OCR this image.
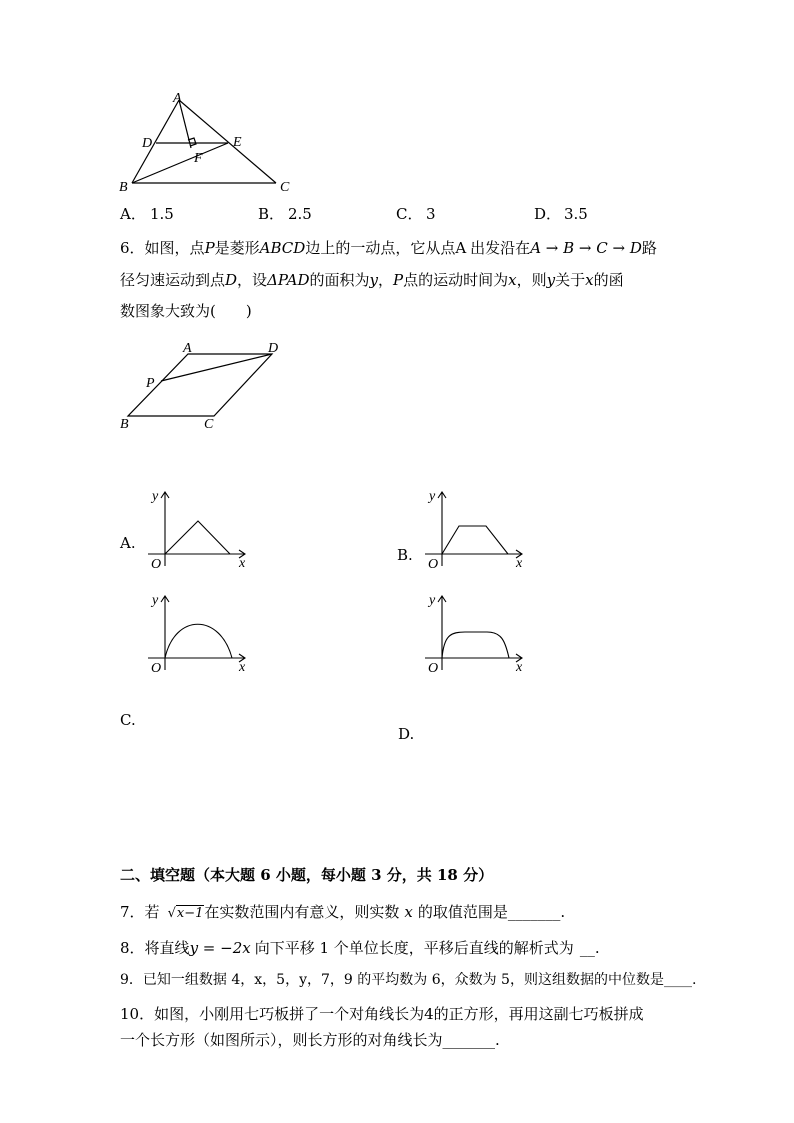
A
D	E
F
B	C
A． 1.5	B． 2.5	C． 3	D． 3.5
6．如图，点P是菱形ABCD边上的一动点，它从点A 出发沿在A → B → C → D路
径匀速运动到点D，设ΔPAD的面积为y，P点的运动时间为x，则y关于x的函
数图象大致为(　　)
A	D
P
B	C
y
x
O
A.
y
x
O
B.
y
x
O
C.
y
x
O
D.
二、填空题（本大题 6 小题，每小题 3 分，共 18 分）
7．若 √x−1在实数范围内有意义，则实数 x 的取值范围是_______.
8．将直线y = −2x 向下平移 1 个单位长度，平移后直线的解析式为 __.
9．已知一组数据 4，x，5，y，7，9 的平均数为 6，众数为 5，则这组数据的中位数是____.
10．如图，小刚用七巧板拼了一个对角线长为4的正方形，再用这副七巧板拼成
一个长方形（如图所示），则长方形的对角线长为_______.
